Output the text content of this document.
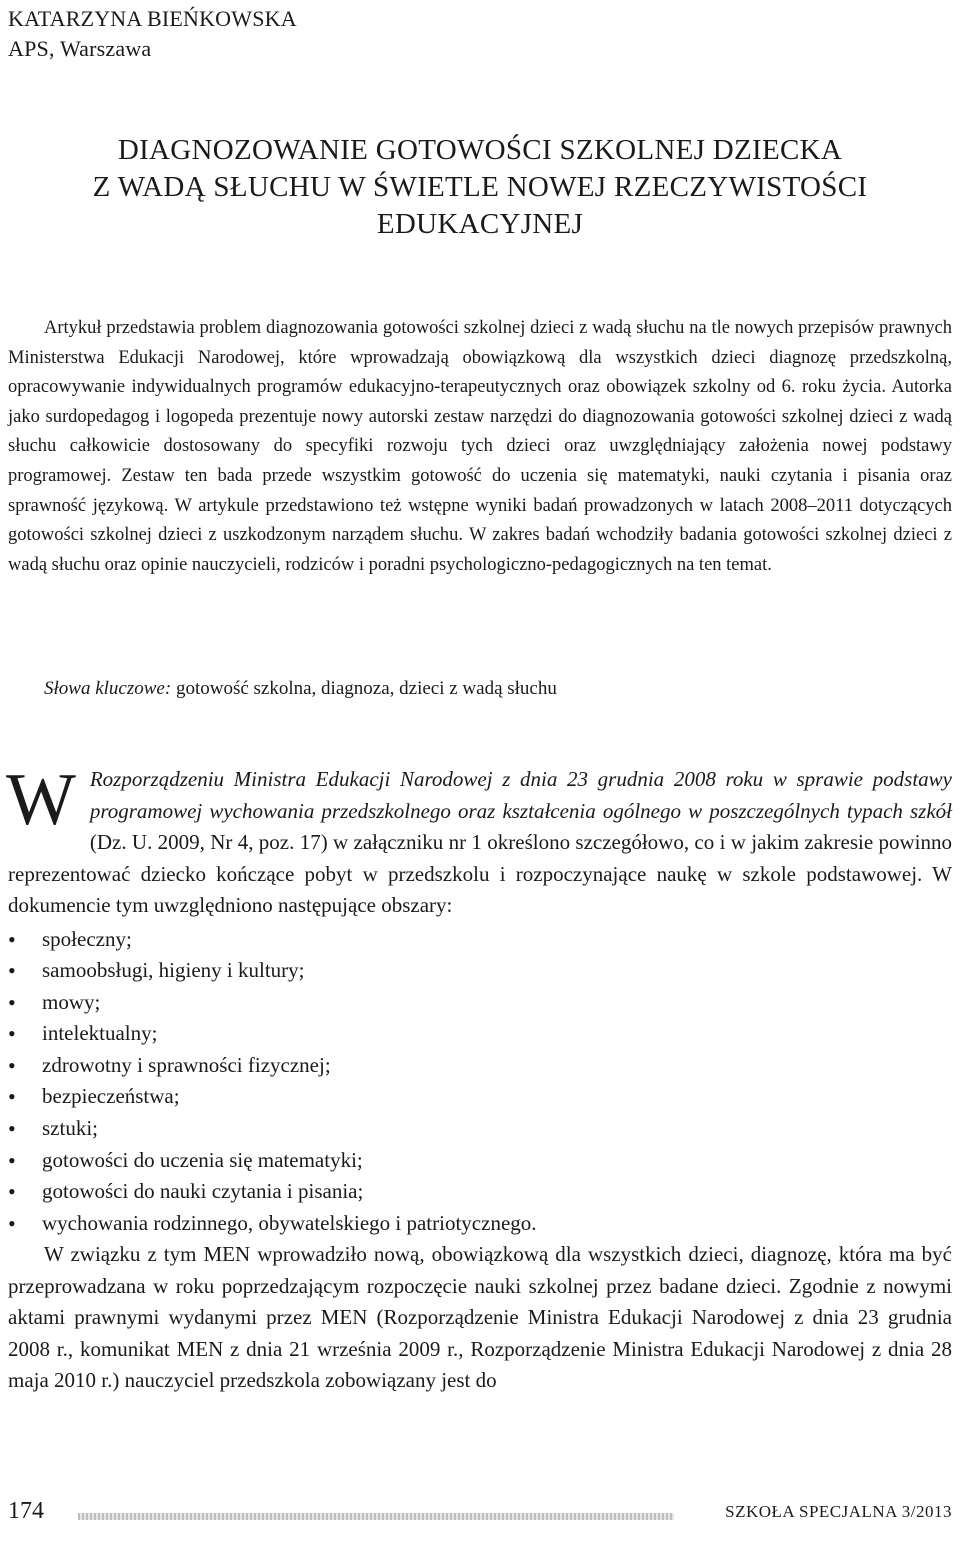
KATARZYNA BIEŃKOWSKA
APS, Warszawa
DIAGNOZOWANIE GOTOWOŚCI SZKOLNEJ DZIECKA
Z WADĄ SŁUCHU W ŚWIETLE NOWEJ RZECZYWISTOŚCI
EDUKACYJNEJ

Artykuł przedstawia problem diagnozowania gotowości szkolnej dzieci z wadą słuchu na tle nowych przepisów prawnych Ministerstwa Edukacji Narodowej, które wprowadzają obowiązkową dla wszystkich dzieci diagnozę przedszkolną, opracowywanie indywidualnych programów edukacyjno-terapeutycznych oraz obowiązek szkolny od 6. roku życia. Autorka jako surdopedagog i logopeda prezentuje nowy autorski zestaw narzędzi do diagnozowania gotowości szkolnej dzieci z wadą słuchu całkowicie dostosowany do specyfiki rozwoju tych dzieci oraz uwzględniający założenia nowej podstawy programowej. Zestaw ten bada przede wszystkim gotowość do uczenia się matematyki, nauki czytania i pisania oraz sprawność językową. W artykule przedstawiono też wstępne wyniki badań prowadzonych w latach 2008–2011 dotyczących gotowości szkolnej dzieci z uszkodzonym narządem słuchu. W zakres badań wchodziły badania gotowości szkolnej dzieci z wadą słuchu oraz opinie nauczycieli, rodziców i poradni psychologiczno-pedagogicznych na ten temat.

Słowa kluczowe: gotowość szkolna, diagnoza, dzieci z wadą słuchu

W Rozporządzeniu Ministra Edukacji Narodowej z dnia 23 grudnia 2008 roku w sprawie podstawy programowej wychowania przedszkolnego oraz kształcenia ogólnego w poszczególnych typach szkół (Dz. U. 2009, Nr 4, poz. 17) w załączniku nr 1 określono szczegółowo, co i w jakim zakresie powinno reprezentować dziecko kończące pobyt w przedszkolu i rozpoczynające naukę w szkole podstawowej. W dokumencie tym uwzględniono następujące obszary:

• społeczny;
• samoobsługi, higieny i kultury;
• mowy;
• intelektualny;
• zdrowotny i sprawności fizycznej;
• bezpieczeństwa;
• sztuki;
• gotowości do uczenia się matematyki;
• gotowości do nauki czytania i pisania;
• wychowania rodzinnego, obywatelskiego i patriotycznego.

W związku z tym MEN wprowadziło nową, obowiązkową dla wszystkich dzieci, diagnozę, która ma być przeprowadzana w roku poprzedzającym rozpoczęcie nauki szkolnej przez badane dzieci. Zgodnie z nowymi aktami prawnymi wydanymi przez MEN (Rozporządzenie Ministra Edukacji Narodowej z dnia 23 grudnia 2008 r., komunikat MEN z dnia 21 września 2009 r., Rozporządzenie Ministra Edukacji Narodowej z dnia 28 maja 2010 r.) nauczyciel przedszkola zobowiązany jest do

174	SZKOŁA SPECJALNA 3/2013
